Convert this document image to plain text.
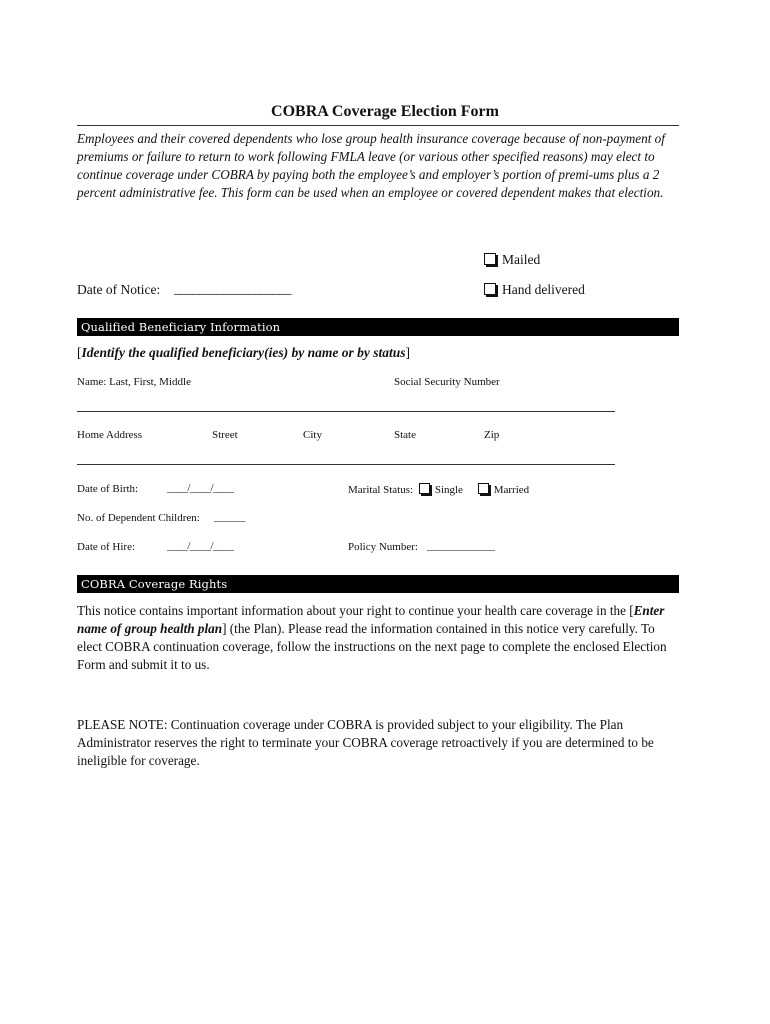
COBRA Coverage Election Form
Employees and their covered dependents who lose group health insurance coverage because of non-payment of premiums or failure to return to work following FMLA leave (or various other specified reasons) may elect to continue coverage under COBRA by paying both the employee’s and employer’s portion of premi-ums plus a 2 percent administrative fee. This form can be used when an employee or covered dependent makes that election.
Mailed
Hand delivered
Date of Notice: ___________________
Qualified Beneficiary Information
[Identify the qualified beneficiary(ies) by name or by status]
Name: Last, First, Middle	Social Security Number
Home Address	Street	City	State	Zip
Date of Birth:	____/____/____	Marital Status: Single	Married
No. of Dependent Children: ______
Date of Hire:	____/____/____	Policy Number: _____________
COBRA Coverage Rights
This notice contains important information about your right to continue your health care coverage in the [Enter name of group health plan] (the Plan). Please read the information contained in this notice very carefully. To elect COBRA continuation coverage, follow the instructions on the next page to complete the enclosed Election Form and submit it to us.
PLEASE NOTE: Continuation coverage under COBRA is provided subject to your eligibility. The Plan Administrator reserves the right to terminate your COBRA coverage retroactively if you are determined to be ineligible for coverage.
